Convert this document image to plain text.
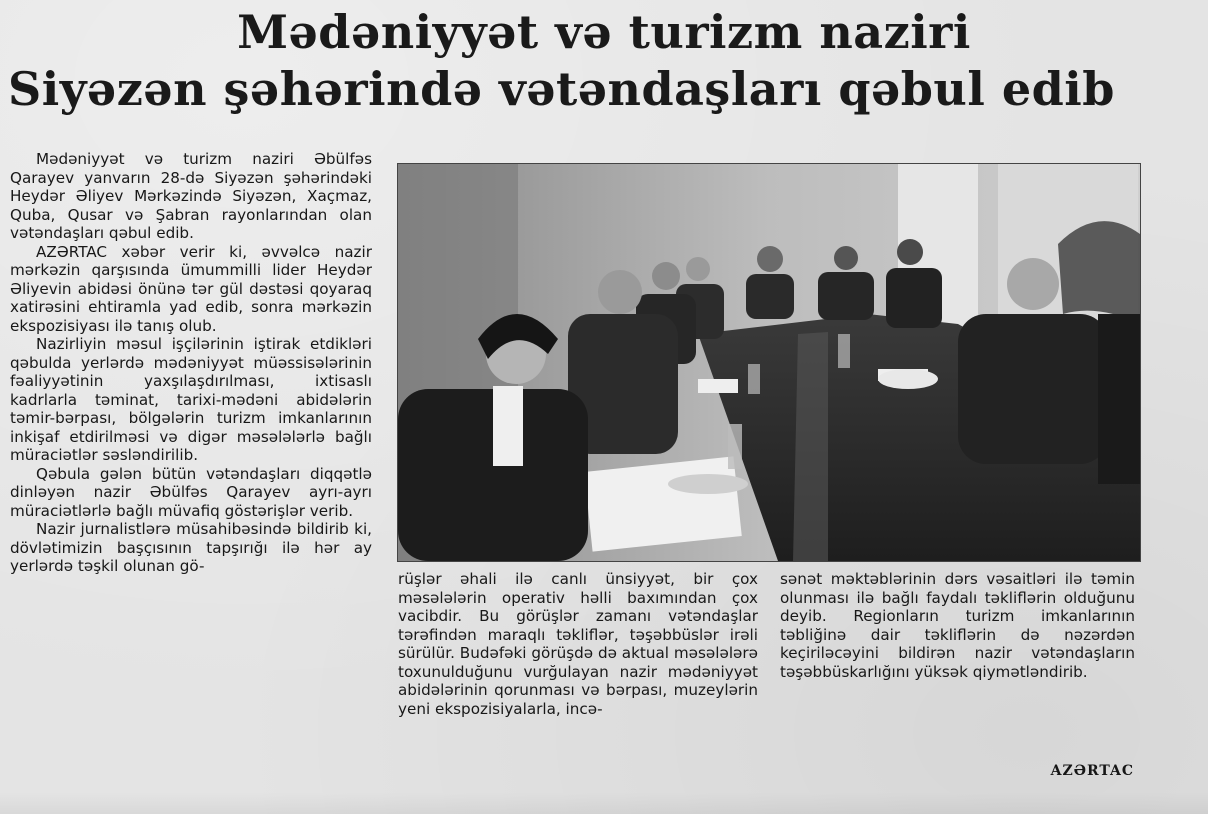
Mədəniyyət və turizm naziri
Siyəzən şəhərində vətəndaşları qəbul edib

Mədəniyyət və turizm naziri Əbülfəs Qarayev yanvarın 28-də Siyəzən şəhərindəki Heydər Əliyev Mərkəzində Siyəzən, Xaçmaz, Quba, Qusar və Şabran rayonlarından olan vətəndaşları qəbul edib.

AZƏRTAC xəbər verir ki, əvvəlcə nazir mərkəzin qarşısında ümummilli lider Heydər Əliyevin abidəsi önünə tər gül dəstəsi qoyaraq xatirəsini ehtiramla yad edib, sonra mərkəzin ekspozisiyası ilə tanış olub.

Nazirliyin məsul işçilərinin iştirak etdikləri qəbulda yerlərdə mədəniyyət müəssisələrinin fəaliyyətinin yaxşılaşdırılması, ixtisaslı kadrlarla təminat, tarixi-mədəni abidələrin təmir-bərpası, bölgələrin turizm imkanlarının inkişaf etdirilməsi və digər məsələlərlə bağlı müraciətlər səsləndirilib.

Qəbula gələn bütün vətəndaşları diqqətlə dinləyən nazir Əbülfəs Qarayev ayrı-ayrı müraciətlərlə bağlı müvafiq göstərişlər verib.

Nazir jurnalistlərə müsahibəsində bildirib ki, dövlətimizin başçısının tapşırığı ilə hər ay yerlərdə təşkil olunan gö-

rüşlər əhali ilə canlı ünsiyyət, bir çox məsələlərin operativ həlli baxımından çox vacibdir. Bu görüşlər zamanı vətəndaşlar tərəfindən maraqlı təkliflər, təşəbbüslər irəli sürülür. Budəfəki görüşdə də aktual məsələlərə toxunulduğunu vurğulayan nazir mədəniyyət abidələrinin qorunması və bərpası, muzeylərin yeni ekspozisiyalarla, incə-

sənət məktəblərinin dərs vəsaitləri ilə təmin olunması ilə bağlı faydalı təkliflərin olduğunu deyib. Regionların turizm imkanlarının təbliğinə dair təkliflərin də nəzərdən keçiriləcəyini bildirən nazir vətəndaşların təşəbbüskarlığını yüksək qiymətləndirib.

AZƏRTAC
